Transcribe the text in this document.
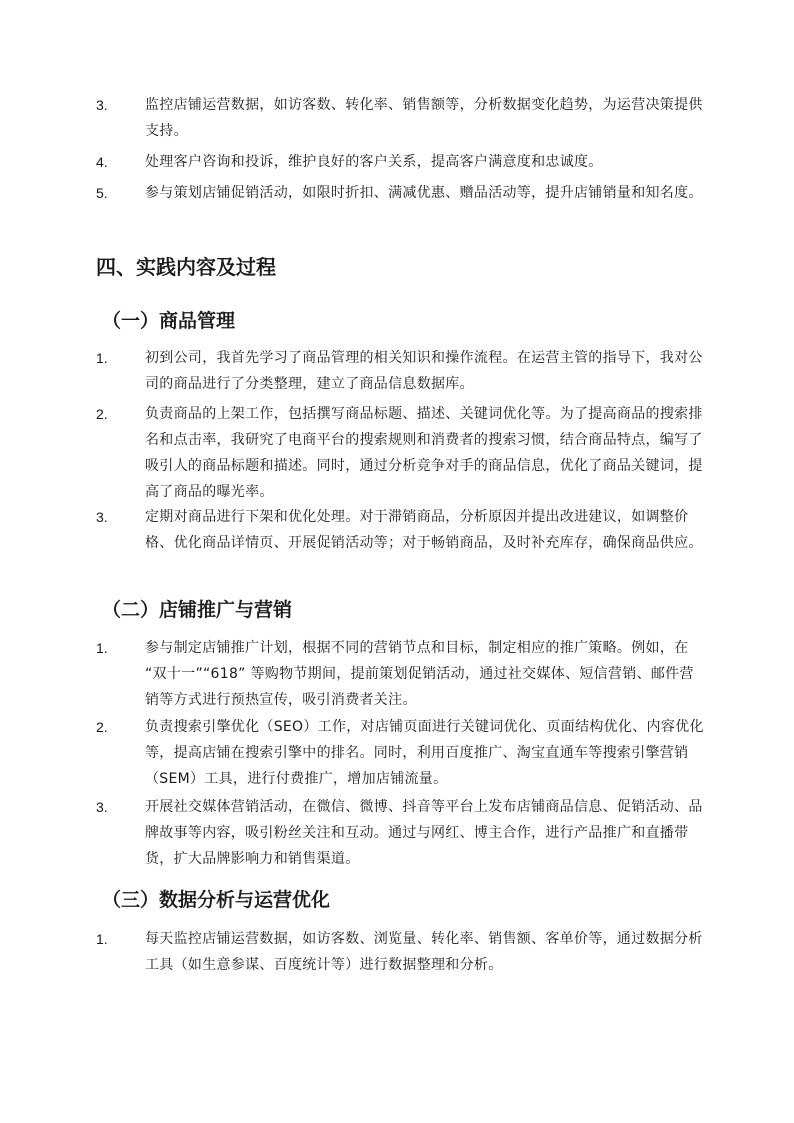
3.	监控店铺运营数据，如访客数、转化率、销售额等，分析数据变化趋势，为运营决策提供支持。
4.	处理客户咨询和投诉，维护良好的客户关系，提高客户满意度和忠诚度。
5.	参与策划店铺促销活动，如限时折扣、满减优惠、赠品活动等，提升店铺销量和知名度。
四、实践内容及过程
（一）商品管理
1.	初到公司，我首先学习了商品管理的相关知识和操作流程。在运营主管的指导下，我对公司的商品进行了分类整理，建立了商品信息数据库。
2.	负责商品的上架工作，包括撰写商品标题、描述、关键词优化等。为了提高商品的搜索排名和点击率，我研究了电商平台的搜索规则和消费者的搜索习惯，结合商品特点，编写了吸引人的商品标题和描述。同时，通过分析竞争对手的商品信息，优化了商品关键词，提高了商品的曝光率。
3.	定期对商品进行下架和优化处理。对于滞销商品，分析原因并提出改进建议，如调整价格、优化商品详情页、开展促销活动等；对于畅销商品，及时补充库存，确保商品供应。
（二）店铺推广与营销
1.	参与制定店铺推广计划，根据不同的营销节点和目标，制定相应的推广策略。例如，在 “双十一”“618” 等购物节期间，提前策划促销活动，通过社交媒体、短信营销、邮件营销等方式进行预热宣传，吸引消费者关注。
2.	负责搜索引擎优化（SEO）工作，对店铺页面进行关键词优化、页面结构优化、内容优化等，提高店铺在搜索引擎中的排名。同时，利用百度推广、淘宝直通车等搜索引擎营销（SEM）工具，进行付费推广，增加店铺流量。
3.	开展社交媒体营销活动，在微信、微博、抖音等平台上发布店铺商品信息、促销活动、品牌故事等内容，吸引粉丝关注和互动。通过与网红、博主合作，进行产品推广和直播带货，扩大品牌影响力和销售渠道。
（三）数据分析与运营优化
1.	每天监控店铺运营数据，如访客数、浏览量、转化率、销售额、客单价等，通过数据分析工具（如生意参谋、百度统计等）进行数据整理和分析。
